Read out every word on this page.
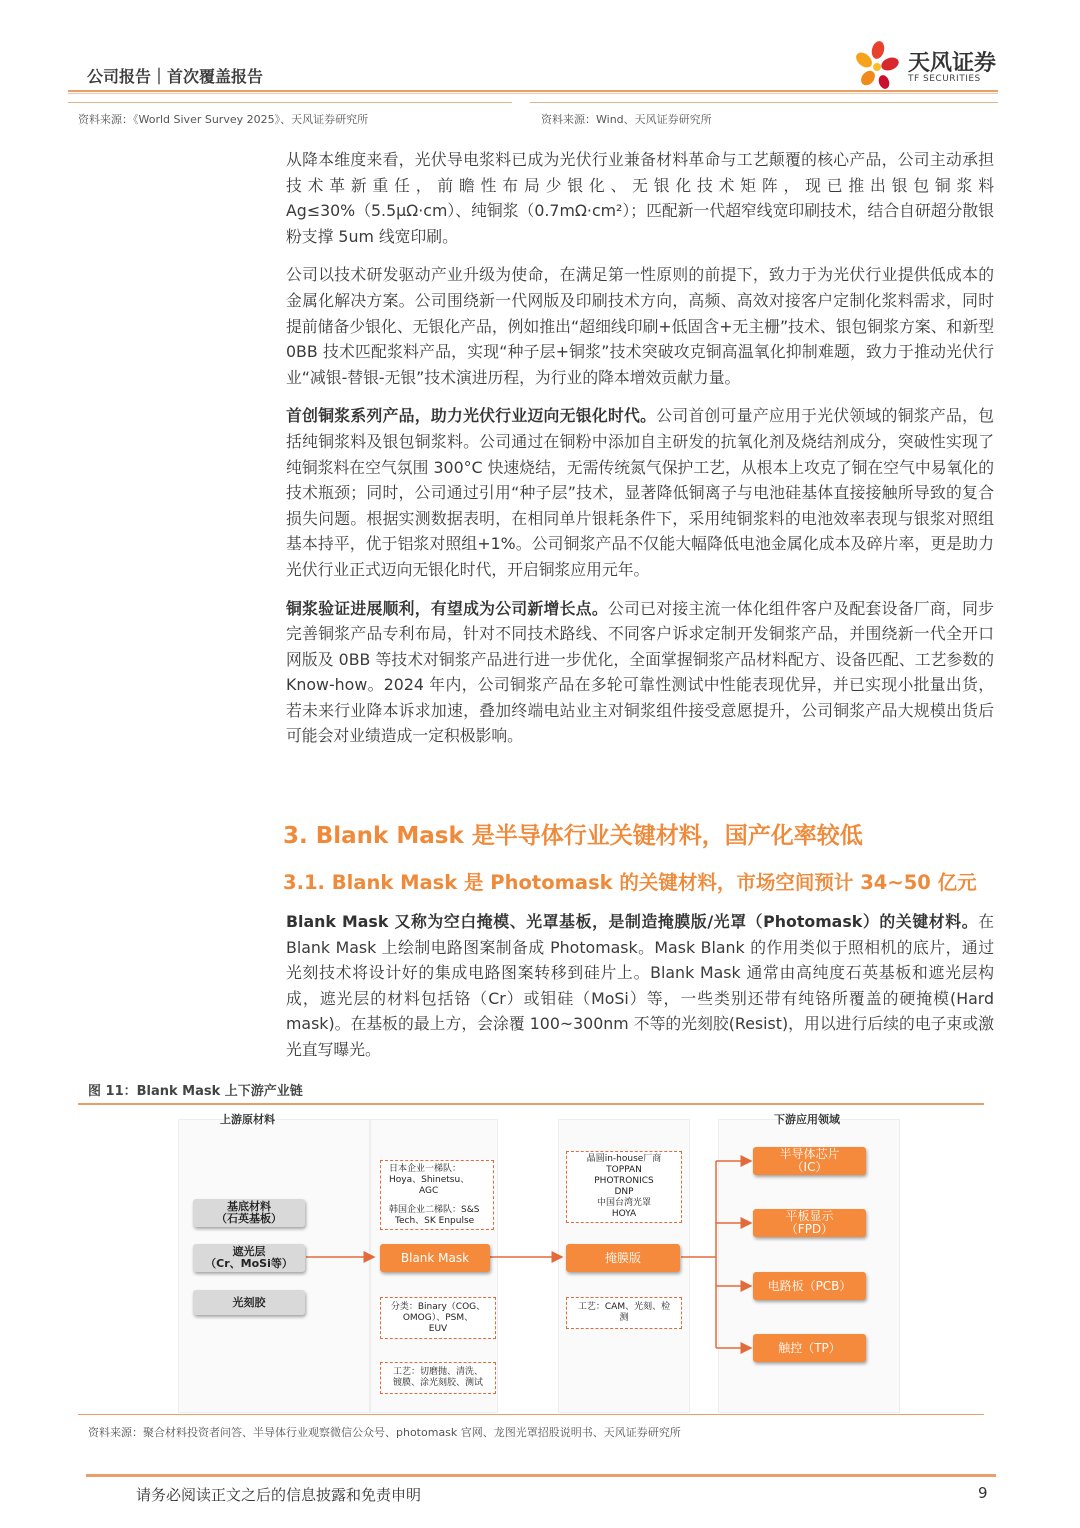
公司报告｜首次覆盖报告
天风证券
TF SECURITIES
资料来源：《World Siver Survey 2025》、天风证券研究所	资料来源：Wind、天风证券研究所

从降本维度来看，光伏导电浆料已成为光伏行业兼备材料革命与工艺颠覆的核心产品，公司主动承担技术革新重任，前瞻性布局少银化、无银化技术矩阵，现已推出银包铜浆料 Ag≤30%（5.5μΩ·cm）、纯铜浆（0.7mΩ·cm²）；匹配新一代超窄线宽印刷技术，结合自研超分散银粉支撑 5um 线宽印刷。

公司以技术研发驱动产业升级为使命，在满足第一性原则的前提下，致力于为光伏行业提供低成本的金属化解决方案。公司围绕新一代网版及印刷技术方向，高频、高效对接客户定制化浆料需求，同时提前储备少银化、无银化产品，例如推出“超细线印刷+低固含+无主栅”技术、银包铜浆方案、和新型 0BB 技术匹配浆料产品，实现“种子层+铜浆”技术突破攻克铜高温氧化抑制难题，致力于推动光伏行业“减银-替银-无银”技术演进历程，为行业的降本增效贡献力量。

首创铜浆系列产品，助力光伏行业迈向无银化时代。公司首创可量产应用于光伏领域的铜浆产品，包括纯铜浆料及银包铜浆料。公司通过在铜粉中添加自主研发的抗氧化剂及烧结剂成分，突破性实现了纯铜浆料在空气氛围 300°C 快速烧结，无需传统氮气保护工艺，从根本上攻克了铜在空气中易氧化的技术瓶颈；同时，公司通过引用“种子层”技术，显著降低铜离子与电池硅基体直接接触所导致的复合损失问题。根据实测数据表明，在相同单片银耗条件下，采用纯铜浆料的电池效率表现与银浆对照组基本持平，优于铝浆对照组+1%。公司铜浆产品不仅能大幅降低电池金属化成本及碎片率，更是助力光伏行业正式迈向无银化时代，开启铜浆应用元年。

铜浆验证进展顺利，有望成为公司新增长点。公司已对接主流一体化组件客户及配套设备厂商，同步完善铜浆产品专利布局，针对不同技术路线、不同客户诉求定制开发铜浆产品，并围绕新一代全开口网版及 0BB 等技术对铜浆产品进行进一步优化，全面掌握铜浆产品材料配方、设备匹配、工艺参数的 Know-how。2024 年内，公司铜浆产品在多轮可靠性测试中性能表现优异，并已实现小批量出货，若未来行业降本诉求加速，叠加终端电站业主对铜浆组件接受意愿提升，公司铜浆产品大规模出货后可能会对业绩造成一定积极影响。

3. Blank Mask 是半导体行业关键材料，国产化率较低
3.1. Blank Mask 是 Photomask 的关键材料，市场空间预计 34~50 亿元

Blank Mask 又称为空白掩模、光罩基板，是制造掩膜版/光罩（Photomask）的关键材料。在 Blank Mask 上绘制电路图案制备成 Photomask。Mask Blank 的作用类似于照相机的底片，通过光刻技术将设计好的集成电路图案转移到硅片上。Blank Mask 通常由高纯度石英基板和遮光层构成，遮光层的材料包括铬（Cr）或钼硅（MoSi）等，一些类别还带有纯铬所覆盖的硬掩模(Hard mask)。在基板的最上方，会涂覆 100~300nm 不等的光刻胶(Resist)，用以进行后续的电子束或激光直写曝光。

图 11：Blank Mask 上下游产业链
上游原材料	下游应用领域
基底材料
（石英基板）
遮光层
（Cr、MoSi等）
光刻胶
日本企业一梯队：
Hoya、Shinetsu、
AGC
韩国企业二梯队：S&S
Tech、SK Enpulse
Blank Mask
分类：Binary（COG、
OMOG）、PSM、
EUV
工艺：切磨抛、清洗、
镀膜、涂光刻胶、测试
晶圆in-house厂商
TOPPAN
PHOTRONICS
DNP
中国台湾光罩
HOYA
掩膜版
工艺：CAM、光刻、检
测
半导体芯片
（IC）
平板显示
（FPD）
电路板（PCB）
触控（TP）
资料来源：聚合材料投资者问答、半导体行业观察微信公众号、photomask 官网、龙图光罩招股说明书、天风证券研究所
请务必阅读正文之后的信息披露和免责申明	9
